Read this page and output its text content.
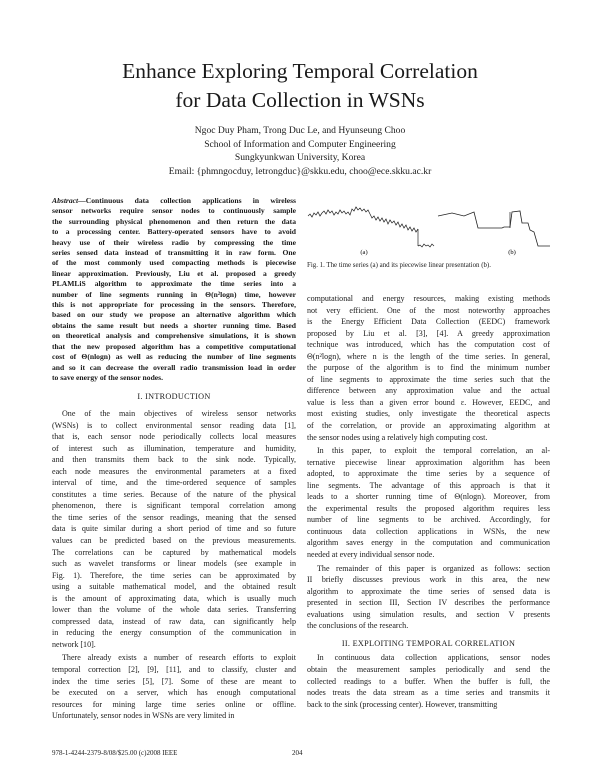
Enhance Exploring Temporal Correlation
for Data Collection in WSNs
Ngoc Duy Pham, Trong Duc Le, and Hyunseung Choo
School of Information and Computer Engineering
Sungkyunkwan University, Korea
Email: {phmngocduy, letrongduc}@skku.edu, choo@ece.skku.ac.kr
Abstract—Continuous data collection applications in wireless
sensor networks require sensor nodes to continuously sample
the surrounding physical phenomenon and then return the data
to a processing center. Battery-operated sensors have to avoid
heavy use of their wireless radio by compressing the time
series sensed data instead of transmitting it in raw form. One
of the most commonly used compacting methods is piecewise
linear approximation. Previously, Liu et al. proposed a greedy
PLAMLiS algorithm to approximate the time series into a
number of line segments running in Θ(n²logn) time, however
this is not appropriate for processing in the sensors. Therefore,
based on our study we propose an alternative algorithm which
obtains the same result but needs a shorter running time. Based
on theoretical analysis and comprehensive simulations, it is shown
that the new proposed algorithm has a competitive computational
cost of Θ(nlogn) as well as reducing the number of line segments
and so it can decrease the overall radio transmission load in order
to save energy of the sensor nodes.
I. INTRODUCTION
One of the main objectives of wireless sensor networks
(WSNs) is to collect environmental sensor reading data [1],
that is, each sensor node periodically collects local measures
of interest such as illumination, temperature and humidity,
and then transmits them back to the sink node. Typically,
each node measures the environmental parameters at a fixed
interval of time, and the time-ordered sequence of samples
constitutes a time series. Because of the nature of the physical
phenomenon, there is significant temporal correlation among
the time series of the sensor readings, meaning that the sensed
data is quite similar during a short period of time and so future
values can be predicted based on the previous measurements.
The correlations can be captured by mathematical models
such as wavelet transforms or linear models (see example in
Fig. 1). Therefore, the time series can be approximated by
using a suitable mathematical model, and the obtained result
is the amount of approximating data, which is usually much
lower than the volume of the whole data series. Transferring
compressed data, instead of raw data, can significantly help
in reducing the energy consumption of the communication in
network [10].
There already exists a number of research efforts to exploit
temporal correction [2], [9], [11], and to classify, cluster and
index the time series [5], [7]. Some of these are meant to
be executed on a server, which has enough computational
resources for mining large time series online or offline.
Unfortunately, sensor nodes in WSNs are very limited in
(a)	(b)
Fig. 1. The time series (a) and its piecewise linear presentation (b).
computational and energy resources, making existing methods
not very efficient. One of the most noteworthy approaches
is the Energy Efficient Data Collection (EEDC) framework
proposed by Liu et al. [3], [4]. A greedy approximation
technique was introduced, which has the computation cost of
Θ(n²logn), where n is the length of the time series. In general,
the purpose of the algorithm is to find the minimum number
of line segments to approximate the time series such that the
difference between any approximation value and the actual
value is less than a given error bound ε. However, EEDC, and
most existing studies, only investigate the theoretical aspects
of the correlation, or provide an approximating algorithm at
the sensor nodes using a relatively high computing cost.
In this paper, to exploit the temporal correlation, an al-
ternative piecewise linear approximation algorithm has been
adopted, to approximate the time series by a sequence of
line segments. The advantage of this approach is that it
leads to a shorter running time of Θ(nlogn). Moreover, from
the experimental results the proposed algorithm requires less
number of line segments to be archived. Accordingly, for
continuous data collection applications in WSNs, the new
algorithm saves energy in the computation and communication
needed at every individual sensor node.
The remainder of this paper is organized as follows: section
II briefly discusses previous work in this area, the new
algorithm to approximate the time series of sensed data is
presented in section III, Section IV describes the performance
evaluations using simulation results, and section V presents
the conclusions of the research.
II. EXPLOITING TEMPORAL CORRELATION
In continuous data collection applications, sensor nodes
obtain the measurement samples periodically and send the
collected readings to a buffer. When the buffer is full, the
nodes treats the data stream as a time series and transmits it
back to the sink (processing center). However, transmitting
978-1-4244-2379-8/08/$25.00 (c)2008 IEEE	204
